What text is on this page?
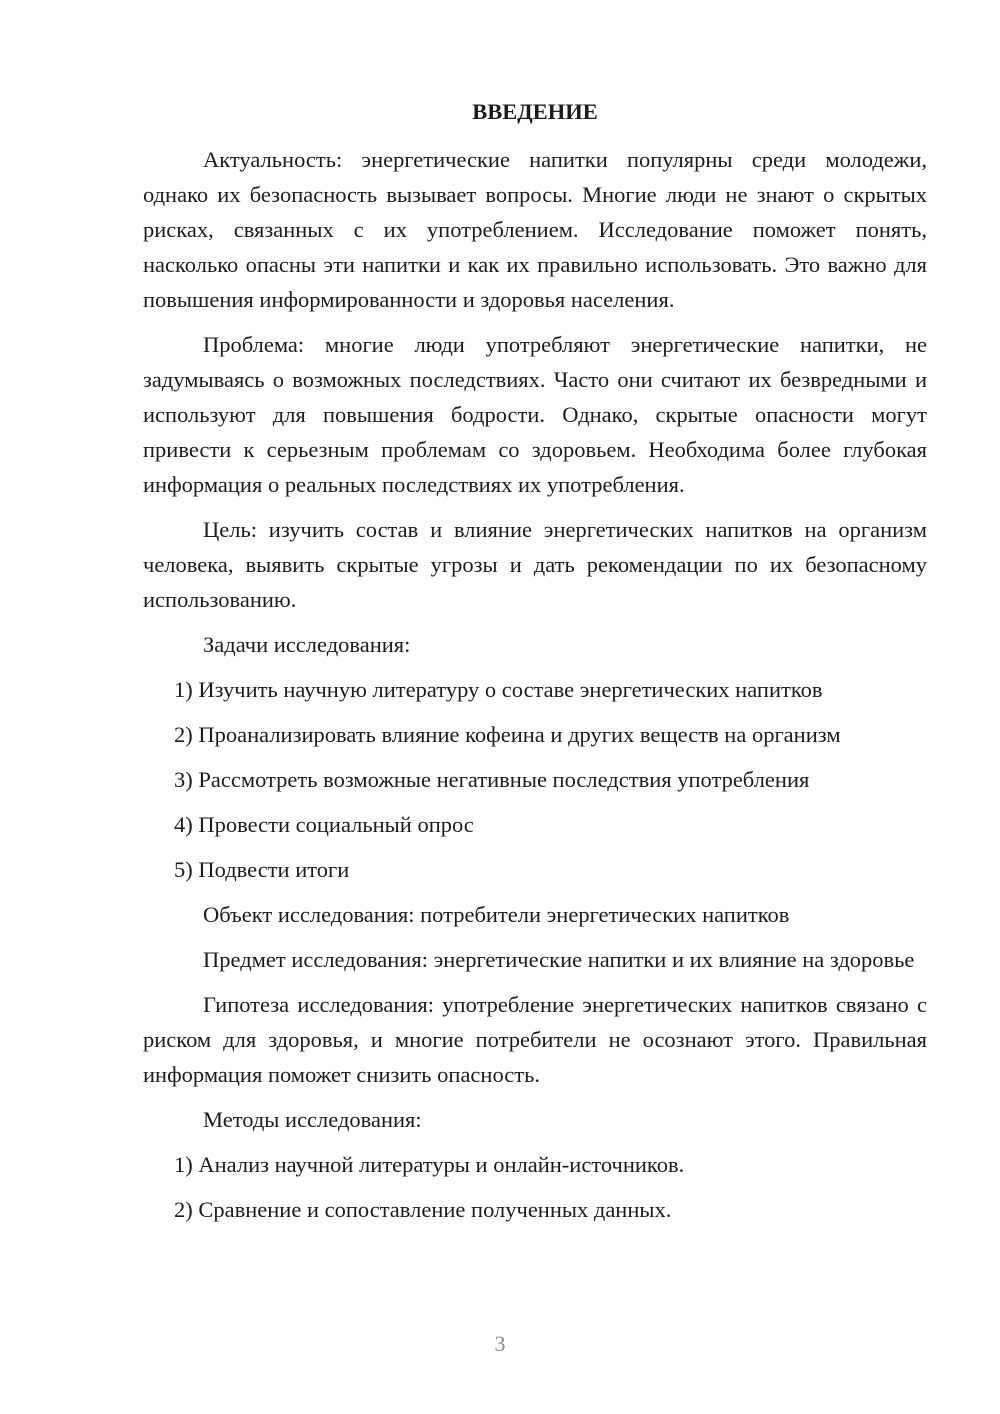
ВВЕДЕНИЕ

Актуальность: энергетические напитки популярны среди молодежи, однако их безопасность вызывает вопросы. Многие люди не знают о скрытых рисках, связанных с их употреблением. Исследование поможет понять, насколько опасны эти напитки и как их правильно использовать. Это важно для повышения информированности и здоровья населения.

Проблема: многие люди употребляют энергетические напитки, не задумываясь о возможных последствиях. Часто они считают их безвредными и используют для повышения бодрости. Однако, скрытые опасности могут привести к серьезным проблемам со здоровьем. Необходима более глубокая информация о реальных последствиях их употребления.

Цель: изучить состав и влияние энергетических напитков на организм человека, выявить скрытые угрозы и дать рекомендации по их безопасному использованию.

Задачи исследования:

1) Изучить научную литературу о составе энергетических напитков
2) Проанализировать влияние кофеина и других веществ на организм
3) Рассмотреть возможные негативные последствия употребления
4) Провести социальный опрос
5) Подвести итоги

Объект исследования: потребители энергетических напитков

Предмет исследования: энергетические напитки и их влияние на здоровье

Гипотеза исследования: употребление энергетических напитков связано с риском для здоровья, и многие потребители не осознают этого. Правильная информация поможет снизить опасность.

Методы исследования:

1) Анализ научной литературы и онлайн-источников.
2) Сравнение и сопоставление полученных данных.
3
